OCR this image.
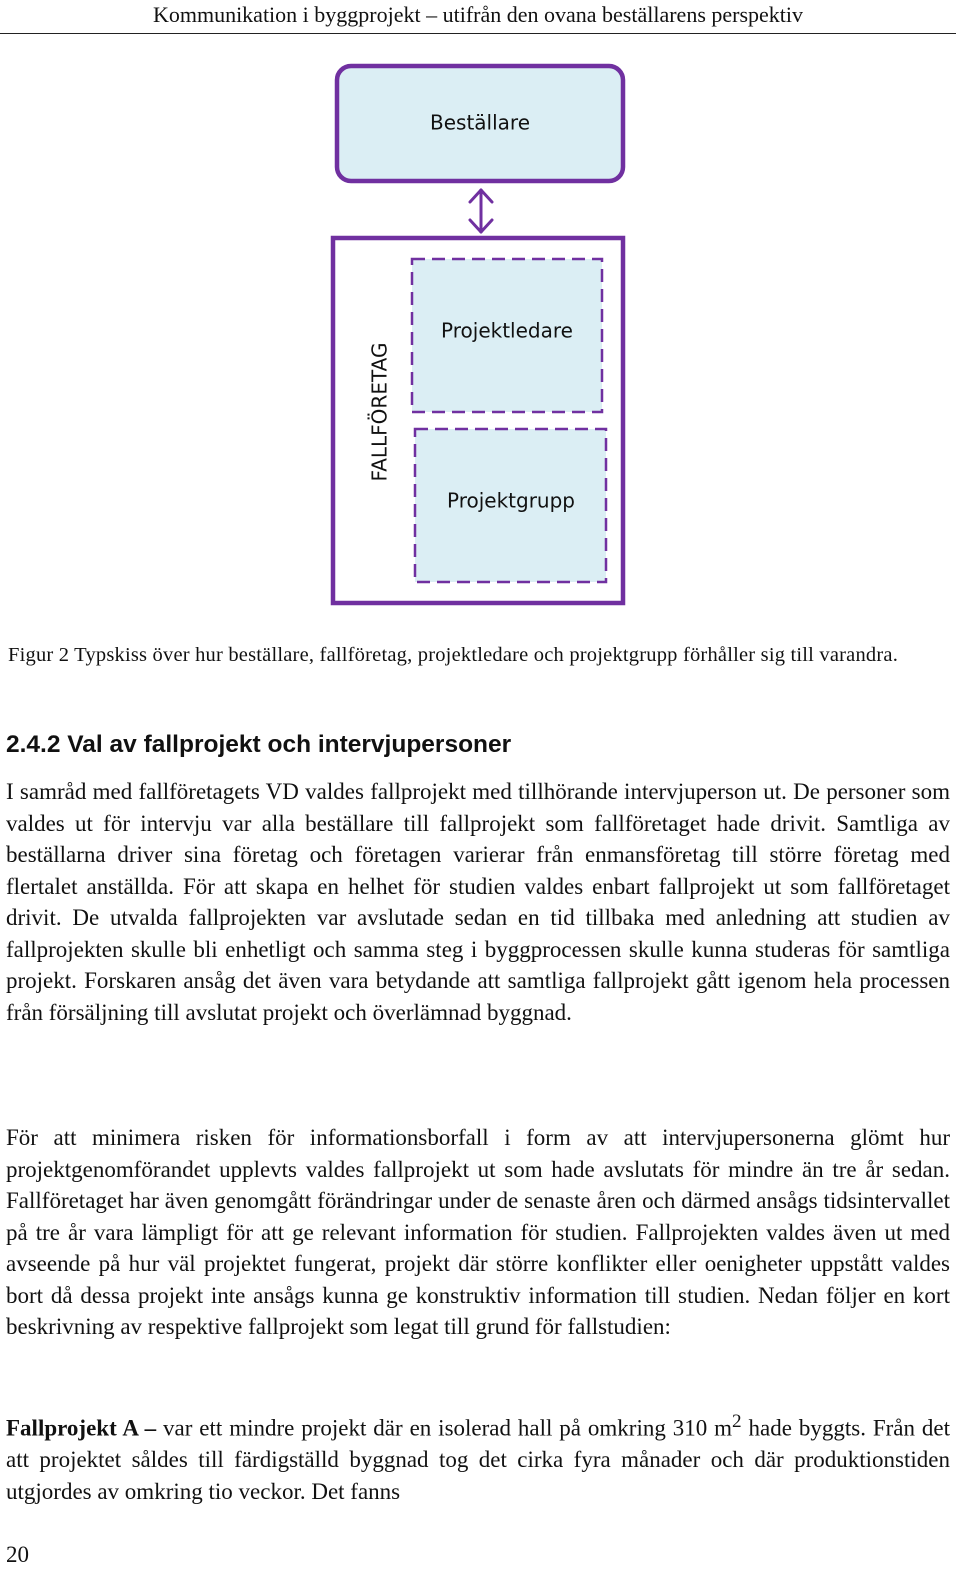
Kommunikation i byggprojekt – utifrån den ovana beställarens perspektiv
Beställare
FALLFÖRETAG
Projektledare
Projektgrupp
Figur 2 Typskiss över hur beställare, fallföretag, projektledare och projektgrupp förhåller sig till varandra.
2.4.2 Val av fallprojekt och intervjupersoner
I samråd med fallföretagets VD valdes fallprojekt med tillhörande intervjuperson ut. De personer som valdes ut för intervju var alla beställare till fallprojekt som fallföretaget hade drivit. Samtliga av beställarna driver sina företag och företagen varierar från enmansföretag till större företag med flertalet anställda. För att skapa en helhet för studien valdes enbart fallprojekt ut som fallföretaget drivit. De utvalda fallprojekten var avslutade sedan en tid tillbaka med anledning att studien av fallprojekten skulle bli enhetligt och samma steg i byggprocessen skulle kunna studeras för samtliga projekt. Forskaren ansåg det även vara betydande att samtliga fallprojekt gått igenom hela processen från försäljning till avslutat projekt och överlämnad byggnad.
För att minimera risken för informationsborfall i form av att intervjupersonerna glömt hur projektgenomförandet upplevts valdes fallprojekt ut som hade avslutats för mindre än tre år sedan. Fallföretaget har även genomgått förändringar under de senaste åren och därmed ansågs tidsintervallet på tre år vara lämpligt för att ge relevant information för studien. Fallprojekten valdes även ut med avseende på hur väl projektet fungerat, projekt där större konflikter eller oenigheter uppstått valdes bort då dessa projekt inte ansågs kunna ge konstruktiv information till studien. Nedan följer en kort beskrivning av respektive fallprojekt som legat till grund för fallstudien:
Fallprojekt A – var ett mindre projekt där en isolerad hall på omkring 310 $m^2$ hade byggts. Från det att projektet såldes till färdigställd byggnad tog det cirka fyra månader och där produktionstiden utgjordes av omkring tio veckor. Det fanns
20
